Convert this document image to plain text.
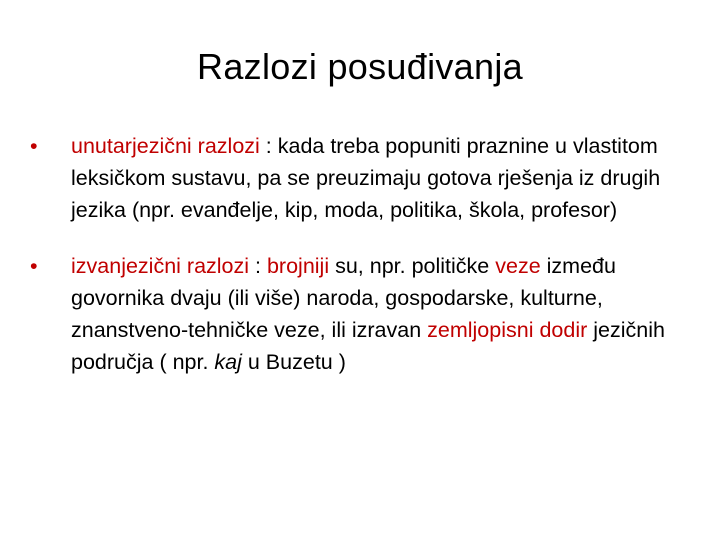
Razlozi posuđivanja
•	unutarjezični razlozi : kada treba popuniti praznine u vlastitom leksičkom sustavu, pa se preuzimaju gotova rješenja iz drugih jezika (npr. evanđelje, kip, moda, politika, škola, profesor)
•	izvanjezični razlozi : brojniji su, npr. političke veze između govornika dvaju (ili više) naroda, gospodarske, kulturne, znanstveno-tehničke veze, ili izravan zemljopisni dodir jezičnih područja ( npr. kaj u Buzetu )
